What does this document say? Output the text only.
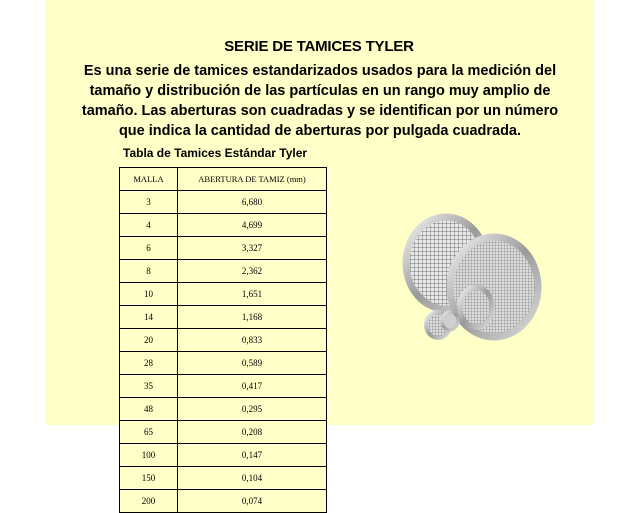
SERIE DE TAMICES TYLER
Es una serie de tamices estandarizados usados para la medición del
tamaño y distribución de las partículas en un rango muy amplio de
tamaño. Las aberturas son cuadradas y se identifican por un número
que indica la cantidad de aberturas por pulgada cuadrada.
Tabla de Tamices Estándar Tyler
MALLA	ABERTURA DE TAMIZ (mm)
3	6,680
4	4,699
6	3,327
8	2,362
10	1,651
14	1,168
20	0,833
28	0,589
35	0,417
48	0,295
65	0,208
100	0,147
150	0,104
200	0,074
